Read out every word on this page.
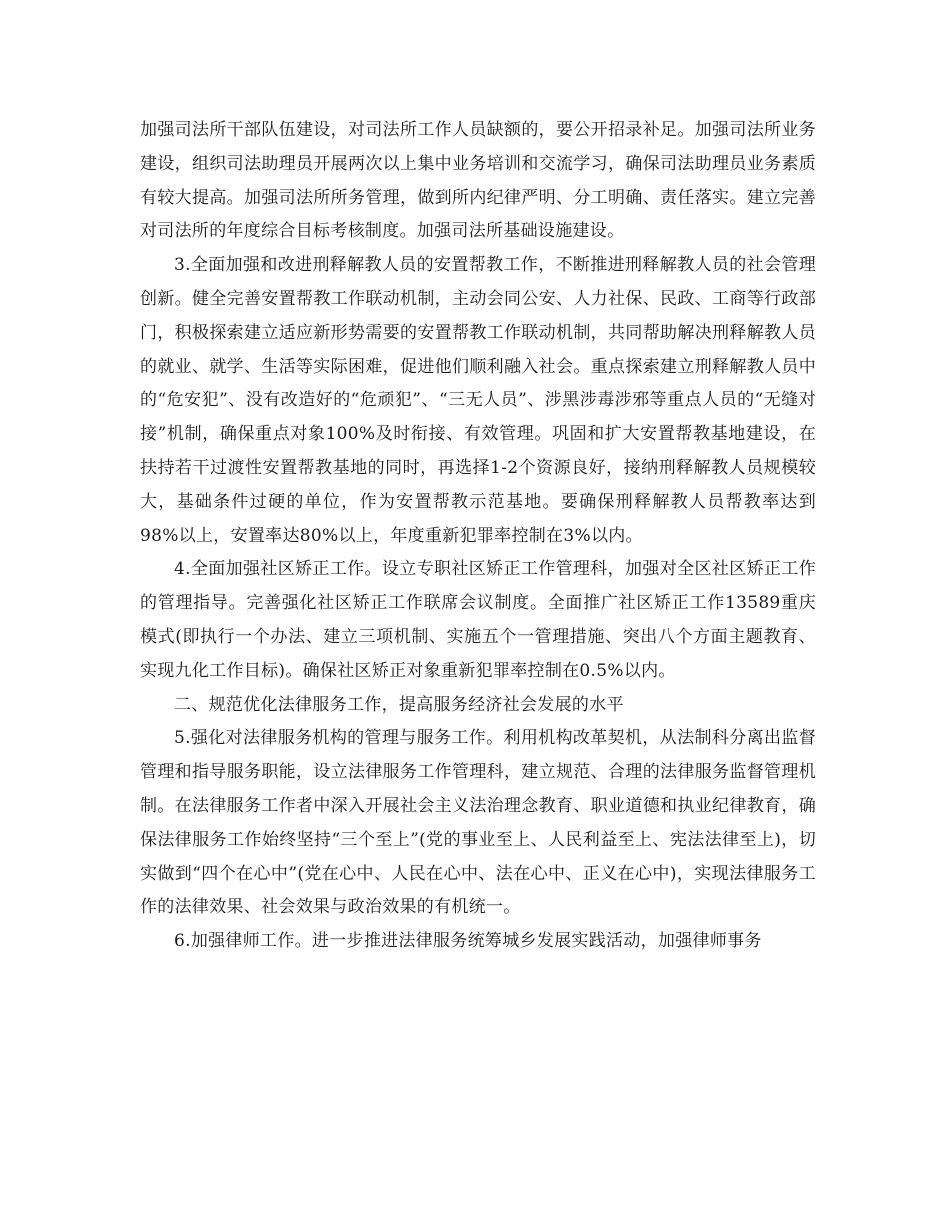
加强司法所干部队伍建设，对司法所工作人员缺额的，要公开招录补足。加强司法所业务建设，组织司法助理员开展两次以上集中业务培训和交流学习，确保司法助理员业务素质有较大提高。加强司法所所务管理，做到所内纪律严明、分工明确、责任落实。建立完善对司法所的年度综合目标考核制度。加强司法所基础设施建设。

3.全面加强和改进刑释解教人员的安置帮教工作，不断推进刑释解教人员的社会管理创新。健全完善安置帮教工作联动机制，主动会同公安、人力社保、民政、工商等行政部门，积极探索建立适应新形势需要的安置帮教工作联动机制，共同帮助解决刑释解教人员的就业、就学、生活等实际困难，促进他们顺利融入社会。重点探索建立刑释解教人员中的“危安犯”、没有改造好的“危顽犯”、“三无人员”、涉黑涉毒涉邪等重点人员的“无缝对接”机制，确保重点对象100%及时衔接、有效管理。巩固和扩大安置帮教基地建设，在扶持若干过渡性安置帮教基地的同时，再选择1-2个资源良好，接纳刑释解教人员规模较大，基础条件过硬的单位，作为安置帮教示范基地。要确保刑释解教人员帮教率达到98%以上，安置率达80%以上，年度重新犯罪率控制在3%以内。

4.全面加强社区矫正工作。设立专职社区矫正工作管理科，加强对全区社区矫正工作的管理指导。完善强化社区矫正工作联席会议制度。全面推广社区矫正工作13589重庆模式(即执行一个办法、建立三项机制、实施五个一管理措施、突出八个方面主题教育、实现九化工作目标)。确保社区矫正对象重新犯罪率控制在0.5%以内。

二、规范优化法律服务工作，提高服务经济社会发展的水平

5.强化对法律服务机构的管理与服务工作。利用机构改革契机，从法制科分离出监督管理和指导服务职能，设立法律服务工作管理科，建立规范、合理的法律服务监督管理机制。在法律服务工作者中深入开展社会主义法治理念教育、职业道德和执业纪律教育，确保法律服务工作始终坚持“三个至上”(党的事业至上、人民利益至上、宪法法律至上)，切实做到“四个在心中”(党在心中、人民在心中、法在心中、正义在心中)，实现法律服务工作的法律效果、社会效果与政治效果的有机统一。

6.加强律师工作。进一步推进法律服务统筹城乡发展实践活动，加强律师事务
